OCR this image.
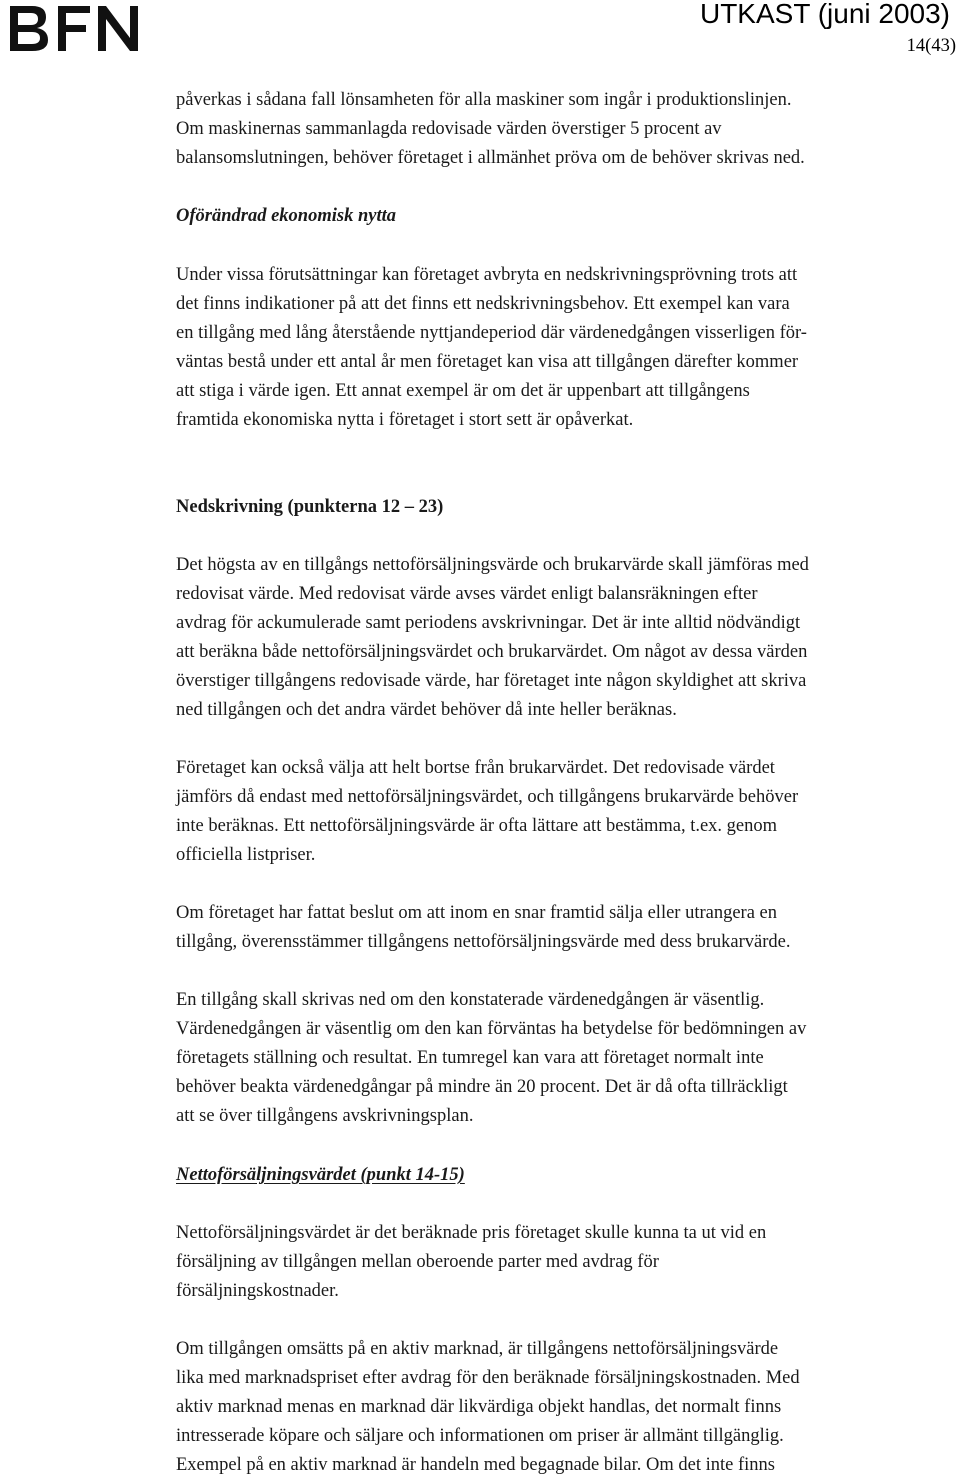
UTKAST (juni 2003)
14(43)

påverkas i sådana fall lönsamheten för alla maskiner som ingår i produktionslinjen.
Om maskinernas sammanlagda redovisade värden överstiger 5 procent av
balansomslutningen, behöver företaget i allmänhet pröva om de behöver skrivas ned.

Oförändrad ekonomisk nytta

Under vissa förutsättningar kan företaget avbryta en nedskrivningsprövning trots att
det finns indikationer på att det finns ett nedskrivningsbehov. Ett exempel kan vara
en tillgång med lång återstående nyttjandeperiod där värdenedgången visserligen för-
väntas bestå under ett antal år men företaget kan visa att tillgången därefter kommer
att stiga i värde igen. Ett annat exempel är om det är uppenbart att tillgångens
framtida ekonomiska nytta i företaget i stort sett är opåverkat.

Nedskrivning (punkterna 12 – 23)

Det högsta av en tillgångs nettoförsäljningsvärde och brukarvärde skall jämföras med
redovisat värde. Med redovisat värde avses värdet enligt balansräkningen efter
avdrag för ackumulerade samt periodens avskrivningar. Det är inte alltid nödvändigt
att beräkna både nettoförsäljningsvärdet och brukarvärdet. Om något av dessa värden
överstiger tillgångens redovisade värde, har företaget inte någon skyldighet att skriva
ned tillgången och det andra värdet behöver då inte heller beräknas.

Företaget kan också välja att helt bortse från brukarvärdet. Det redovisade värdet
jämförs då endast med nettoförsäljningsvärdet, och tillgångens brukarvärde behöver
inte beräknas. Ett nettoförsäljningsvärde är ofta lättare att bestämma, t.ex. genom
officiella listpriser.

Om företaget har fattat beslut om att inom en snar framtid sälja eller utrangera en
tillgång, överensstämmer tillgångens nettoförsäljningsvärde med dess brukarvärde.

En tillgång skall skrivas ned om den konstaterade värdenedgången är väsentlig.
Värdenedgången är väsentlig om den kan förväntas ha betydelse för bedömningen av
företagets ställning och resultat. En tumregel kan vara att företaget normalt inte
behöver beakta värdenedgångar på mindre än 20 procent. Det är då ofta tillräckligt
att se över tillgångens avskrivningsplan.

Nettoförsäljningsvärdet (punkt 14-15)

Nettoförsäljningsvärdet är det beräknade pris företaget skulle kunna ta ut vid en
försäljning av tillgången mellan oberoende parter med avdrag för
försäljningskostnader.

Om tillgången omsätts på en aktiv marknad, är tillgångens nettoförsäljningsvärde
lika med marknadspriset efter avdrag för den beräknade försäljningskostnaden. Med
aktiv marknad menas en marknad där likvärdiga objekt handlas, det normalt finns
intresserade köpare och säljare och informationen om priser är allmänt tillgänglig.
Exempel på en aktiv marknad är handeln med begagnade bilar. Om det inte finns
